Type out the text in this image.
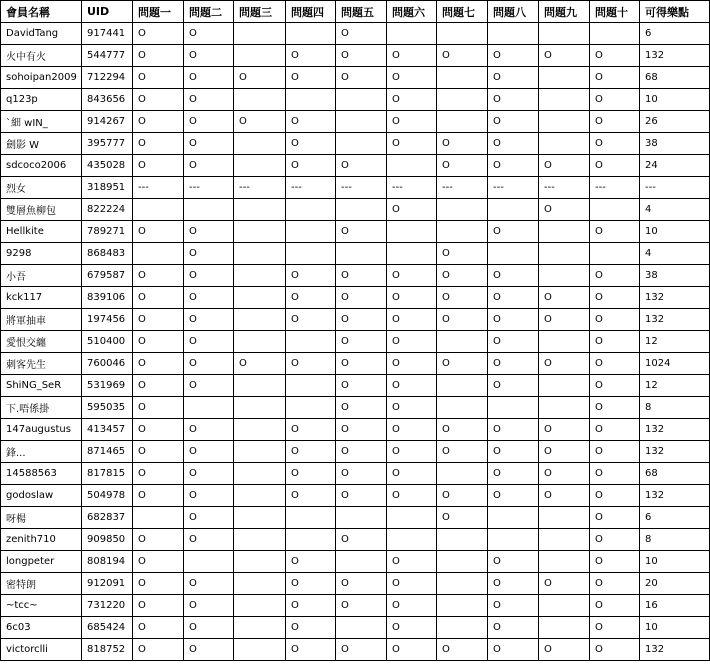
會員名稱	UID	問題一	問題二	問題三	問題四	問題五	問題六	問題七	問題八	問題九	問題十	可得樂點
DavidTang	917441	O	O			O						6
火中有火	544777	O	O		O	O	O	O	O	O	O	132
sohoipan2009	712294	O	O	O	O	O	O		O		O	68
q123p	843656	O	O				O		O		O	10
ˋ細 wIN_	914267	O	O	O	O		O		O		O	26
劍影 W	395777	O	O		O		O	O	O		O	38
sdcoco2006	435028	O	O		O	O		O	O	O	O	24
烈女	318951	---	---	---	---	---	---	---	---	---	---	---
雙層魚柳包	822224						O			O		4
Hellkite	789271	O	O			O			O		O	10
9298	868483		O					O				4
小吾	679587	O	O		O	O	O	O	O		O	38
kck117	839106	O	O		O	O	O	O	O	O	O	132
將軍抽車	197456	O	O		O	O	O	O	O	O	O	132
愛恨交纏	510400	O	O			O	O		O		O	12
刺客先生	760046	O	O	O	O	O	O	O	O	O	O	1024
ShiNG_SeR	531969	O	O			O	O		O		O	12
下.唔係掛	595035	O				O	O				O	8
147augustus	413457	O	O		O	O	O	O	O	O	O	132
鋒...	871465	O	O		O	O	O	O	O	O	O	132
14588563	817815	O	O		O	O	O		O	O	O	68
godoslaw	504978	O	O		O	O	O	O	O	O	O	132
呀楊	682837		O					O			O	6
zenith710	909850	O	O			O					O	8
longpeter	808194	O			O		O		O		O	10
密特朗	912091	O	O		O	O	O		O	O	O	20
~tcc~	731220	O	O		O	O	O		O		O	16
6c03	685424	O	O		O		O		O		O	10
victorclli	818752	O	O		O	O	O	O	O	O	O	132
